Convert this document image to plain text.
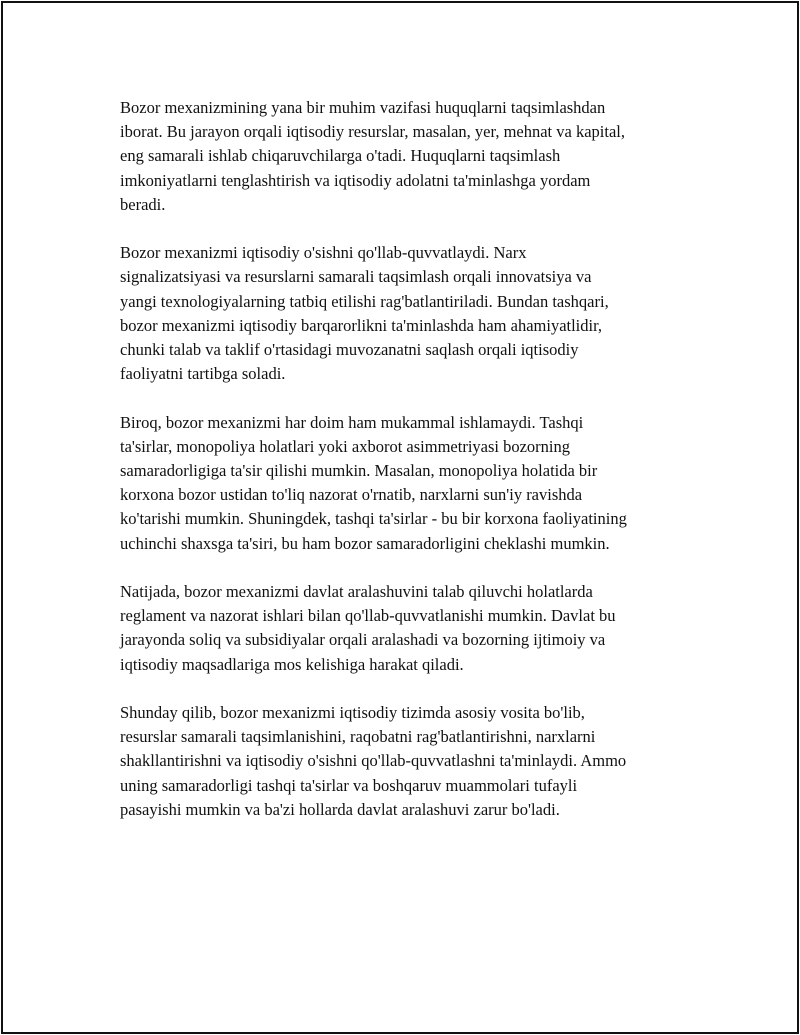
Bozor mexanizmining yana bir muhim vazifasi huquqlarni taqsimlashdan
iborat. Bu jarayon orqali iqtisodiy resurslar, masalan, yer, mehnat va kapital,
eng samarali ishlab chiqaruvchilarga o'tadi. Huquqlarni taqsimlash
imkoniyatlarni tenglashtirish va iqtisodiy adolatni ta'minlashga yordam
beradi.

Bozor mexanizmi iqtisodiy o'sishni qo'llab-quvvatlaydi. Narx
signalizatsiyasi va resurslarni samarali taqsimlash orqali innovatsiya va
yangi texnologiyalarning tatbiq etilishi rag'batlantiriladi. Bundan tashqari,
bozor mexanizmi iqtisodiy barqarorlikni ta'minlashda ham ahamiyatlidir,
chunki talab va taklif o'rtasidagi muvozanatni saqlash orqali iqtisodiy
faoliyatni tartibga soladi.

Biroq, bozor mexanizmi har doim ham mukammal ishlamaydi. Tashqi
ta'sirlar, monopoliya holatlari yoki axborot asimmetriyasi bozorning
samaradorligiga ta'sir qilishi mumkin. Masalan, monopoliya holatida bir
korxona bozor ustidan to'liq nazorat o'rnatib, narxlarni sun'iy ravishda
ko'tarishi mumkin. Shuningdek, tashqi ta'sirlar - bu bir korxona faoliyatining
uchinchi shaxsga ta'siri, bu ham bozor samaradorligini cheklashi mumkin.

Natijada, bozor mexanizmi davlat aralashuvini talab qiluvchi holatlarda
reglament va nazorat ishlari bilan qo'llab-quvvatlanishi mumkin. Davlat bu
jarayonda soliq va subsidiyalar orqali aralashadi va bozorning ijtimoiy va
iqtisodiy maqsadlariga mos kelishiga harakat qiladi.

Shunday qilib, bozor mexanizmi iqtisodiy tizimda asosiy vosita bo'lib,
resurslar samarali taqsimlanishini, raqobatni rag'batlantirishni, narxlarni
shakllantirishni va iqtisodiy o'sishni qo'llab-quvvatlashni ta'minlaydi. Ammo
uning samaradorligi tashqi ta'sirlar va boshqaruv muammolari tufayli
pasayishi mumkin va ba'zi hollarda davlat aralashuvi zarur bo'ladi.
